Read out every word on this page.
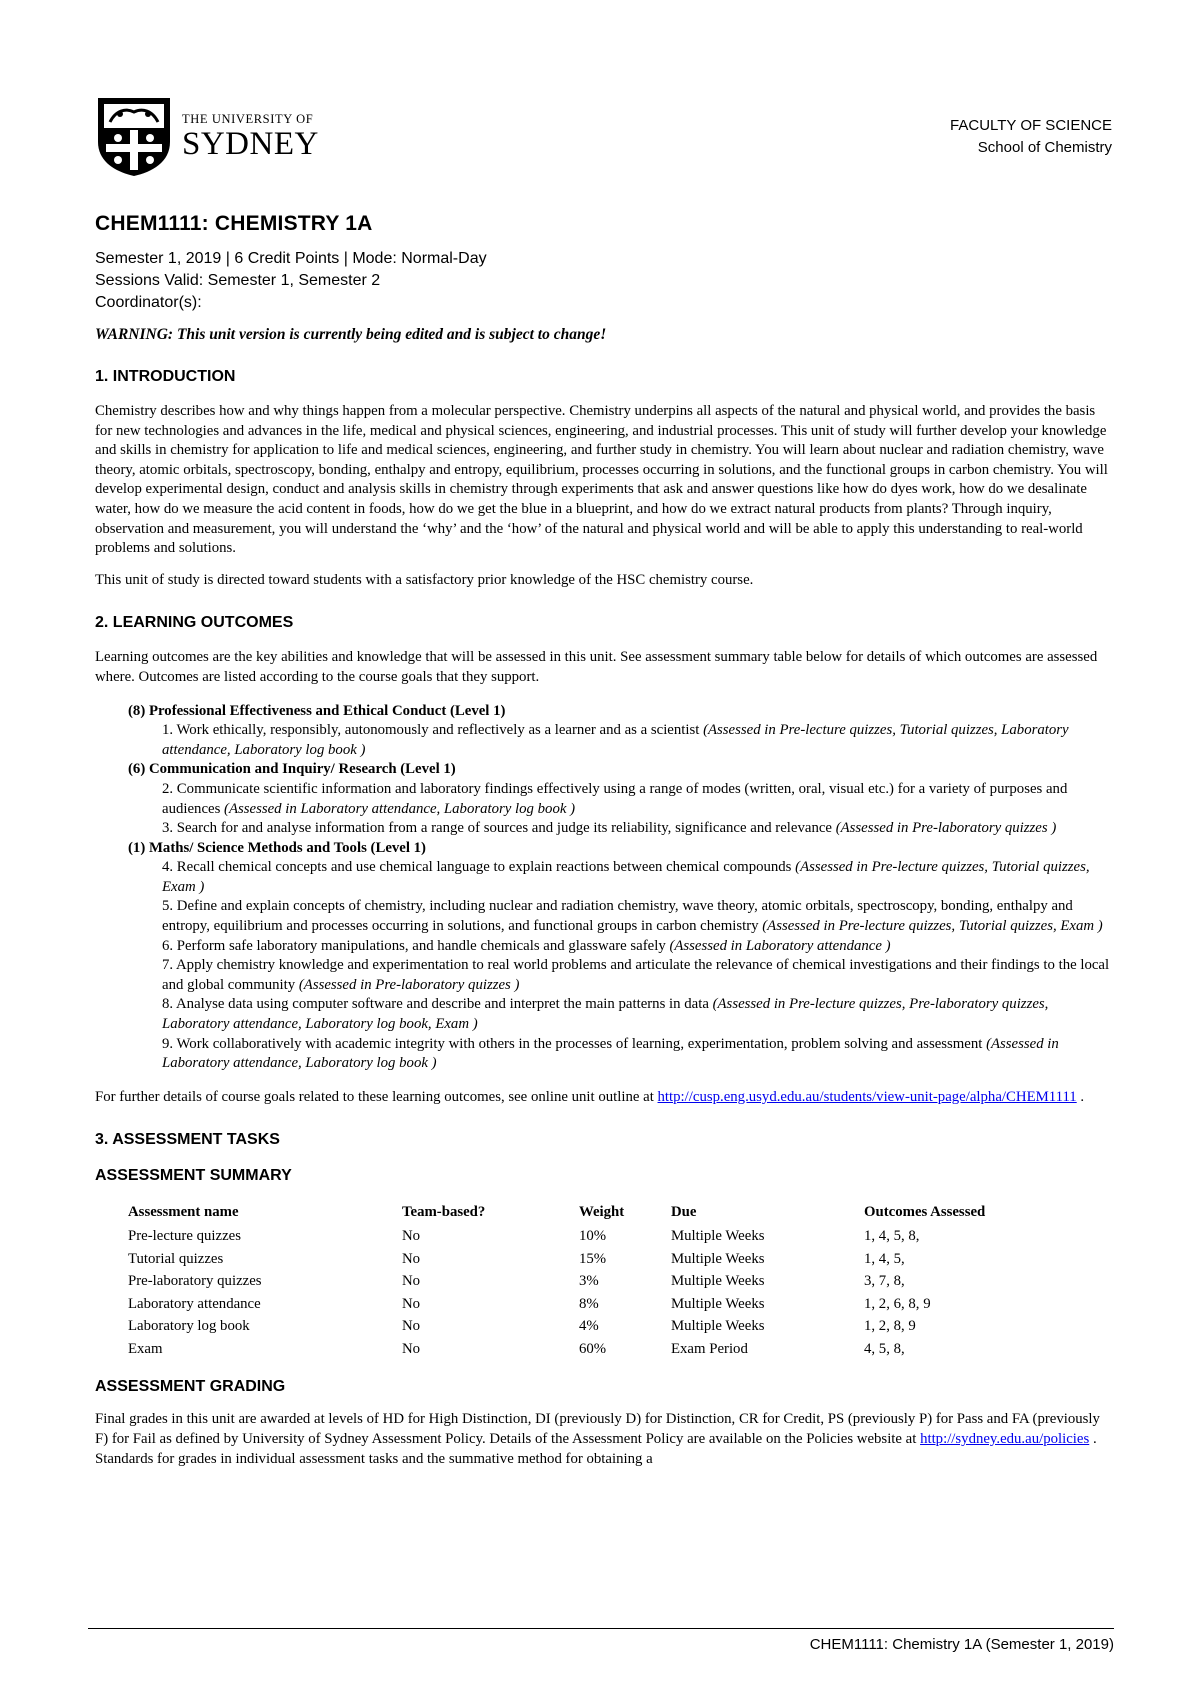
THE UNIVERSITY OF
SYDNEY
FACULTY OF SCIENCE
School of Chemistry
CHEM1111: CHEMISTRY 1A
Semester 1, 2019 | 6 Credit Points | Mode: Normal-Day
Sessions Valid: Semester 1, Semester 2
Coordinator(s):
WARNING: This unit version is currently being edited and is subject to change!
1. INTRODUCTION

Chemistry describes how and why things happen from a molecular perspective. Chemistry underpins all aspects of the natural and physical world, and provides the basis for new technologies and advances in the life, medical and physical sciences, engineering, and industrial processes. This unit of study will further develop your knowledge and skills in chemistry for application to life and medical sciences, engineering, and further study in chemistry. You will learn about nuclear and radiation chemistry, wave theory, atomic orbitals, spectroscopy, bonding, enthalpy and entropy, equilibrium, processes occurring in solutions, and the functional groups in carbon chemistry. You will develop experimental design, conduct and analysis skills in chemistry through experiments that ask and answer questions like how do dyes work, how do we desalinate water, how do we measure the acid content in foods, how do we get the blue in a blueprint, and how do we extract natural products from plants? Through inquiry, observation and measurement, you will understand the ‘why’ and the ‘how’ of the natural and physical world and will be able to apply this understanding to real-world problems and solutions.

This unit of study is directed toward students with a satisfactory prior knowledge of the HSC chemistry course.

2. LEARNING OUTCOMES

Learning outcomes are the key abilities and knowledge that will be assessed in this unit. See assessment summary table below for details of which outcomes are assessed where. Outcomes are listed according to the course goals that they support.

(8) Professional Effectiveness and Ethical Conduct (Level 1)
1. Work ethically, responsibly, autonomously and reflectively as a learner and as a scientist (Assessed in Pre-lecture quizzes, Tutorial quizzes, Laboratory attendance, Laboratory log book )
(6) Communication and Inquiry/ Research (Level 1)
2. Communicate scientific information and laboratory findings effectively using a range of modes (written, oral, visual etc.) for a variety of purposes and audiences (Assessed in Laboratory attendance, Laboratory log book )
3. Search for and analyse information from a range of sources and judge its reliability, significance and relevance (Assessed in Pre-laboratory quizzes )
(1) Maths/ Science Methods and Tools (Level 1)
4. Recall chemical concepts and use chemical language to explain reactions between chemical compounds (Assessed in Pre-lecture quizzes, Tutorial quizzes, Exam )
5. Define and explain concepts of chemistry, including nuclear and radiation chemistry, wave theory, atomic orbitals, spectroscopy, bonding, enthalpy and entropy, equilibrium and processes occurring in solutions, and functional groups in carbon chemistry (Assessed in Pre-lecture quizzes, Tutorial quizzes, Exam )
6. Perform safe laboratory manipulations, and handle chemicals and glassware safely (Assessed in Laboratory attendance )
7. Apply chemistry knowledge and experimentation to real world problems and articulate the relevance of chemical investigations and their findings to the local and global community (Assessed in Pre-laboratory quizzes )
8. Analyse data using computer software and describe and interpret the main patterns in data (Assessed in Pre-lecture quizzes, Pre-laboratory quizzes, Laboratory attendance, Laboratory log book, Exam )
9. Work collaboratively with academic integrity with others in the processes of learning, experimentation, problem solving and assessment (Assessed in Laboratory attendance, Laboratory log book )

For further details of course goals related to these learning outcomes, see online unit outline at http://cusp.eng.usyd.edu.au/students/view-unit-page/alpha/CHEM1111 .

3. ASSESSMENT TASKS
ASSESSMENT SUMMARY
Assessment name	Team-based?	Weight	Due	Outcomes Assessed
Pre-lecture quizzes	No	10%	Multiple Weeks	1, 4, 5, 8,
Tutorial quizzes	No	15%	Multiple Weeks	1, 4, 5,
Pre-laboratory quizzes	No	3%	Multiple Weeks	3, 7, 8,
Laboratory attendance	No	8%	Multiple Weeks	1, 2, 6, 8, 9
Laboratory log book	No	4%	Multiple Weeks	1, 2, 8, 9
Exam	No	60%	Exam Period	4, 5, 8,
ASSESSMENT GRADING

Final grades in this unit are awarded at levels of HD for High Distinction, DI (previously D) for Distinction, CR for Credit, PS (previously P) for Pass and FA (previously F) for Fail as defined by University of Sydney Assessment Policy. Details of the Assessment Policy are available on the Policies website at http://sydney.edu.au/policies . Standards for grades in individual assessment tasks and the summative method for obtaining a

CHEM1111: Chemistry 1A (Semester 1, 2019)
